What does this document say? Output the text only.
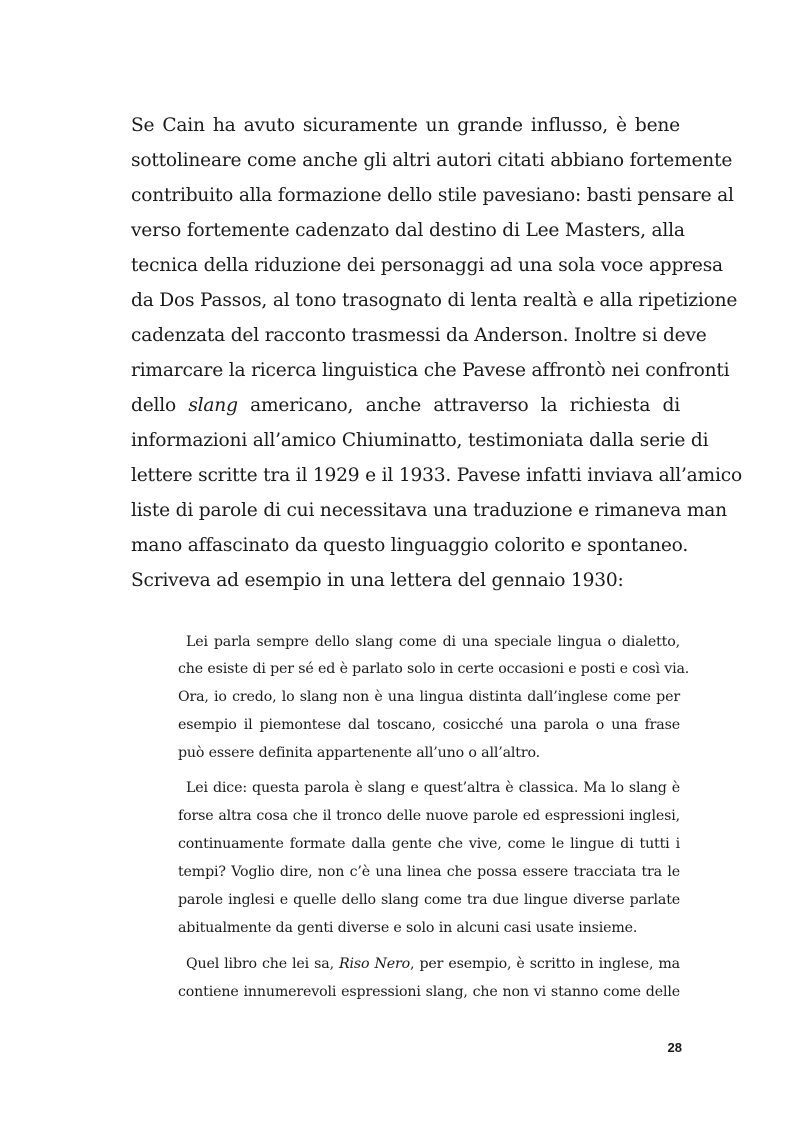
Se Cain ha avuto sicuramente un grande influsso, è bene
sottolineare come anche gli altri autori citati abbiano fortemente
contribuito alla formazione dello stile pavesiano: basti pensare al
verso fortemente cadenzato dal destino di Lee Masters, alla
tecnica della riduzione dei personaggi ad una sola voce appresa
da Dos Passos, al tono trasognato di lenta realtà e alla ripetizione
cadenzata del racconto trasmessi da Anderson. Inoltre si deve
rimarcare la ricerca linguistica che Pavese affrontò nei confronti
dello slang americano, anche attraverso la richiesta di
informazioni all’amico Chiuminatto, testimoniata dalla serie di
lettere scritte tra il 1929 e il 1933. Pavese infatti inviava all’amico
liste di parole di cui necessitava una traduzione e rimaneva man
mano affascinato da questo linguaggio colorito e spontaneo.
Scriveva ad esempio in una lettera del gennaio 1930:
Lei parla sempre dello slang come di una speciale lingua o dialetto,
che esiste di per sé ed è parlato solo in certe occasioni e posti e così via.
Ora, io credo, lo slang non è una lingua distinta dall’inglese come per
esempio il piemontese dal toscano, cosicché una parola o una frase
può essere definita appartenente all’uno o all’altro.
Lei dice: questa parola è slang e quest’altra è classica. Ma lo slang è
forse altra cosa che il tronco delle nuove parole ed espressioni inglesi,
continuamente formate dalla gente che vive, come le lingue di tutti i
tempi? Voglio dire, non c’è una linea che possa essere tracciata tra le
parole inglesi e quelle dello slang come tra due lingue diverse parlate
abitualmente da genti diverse e solo in alcuni casi usate insieme.
Quel libro che lei sa, Riso Nero, per esempio, è scritto in inglese, ma
contiene innumerevoli espressioni slang, che non vi stanno come delle
28
